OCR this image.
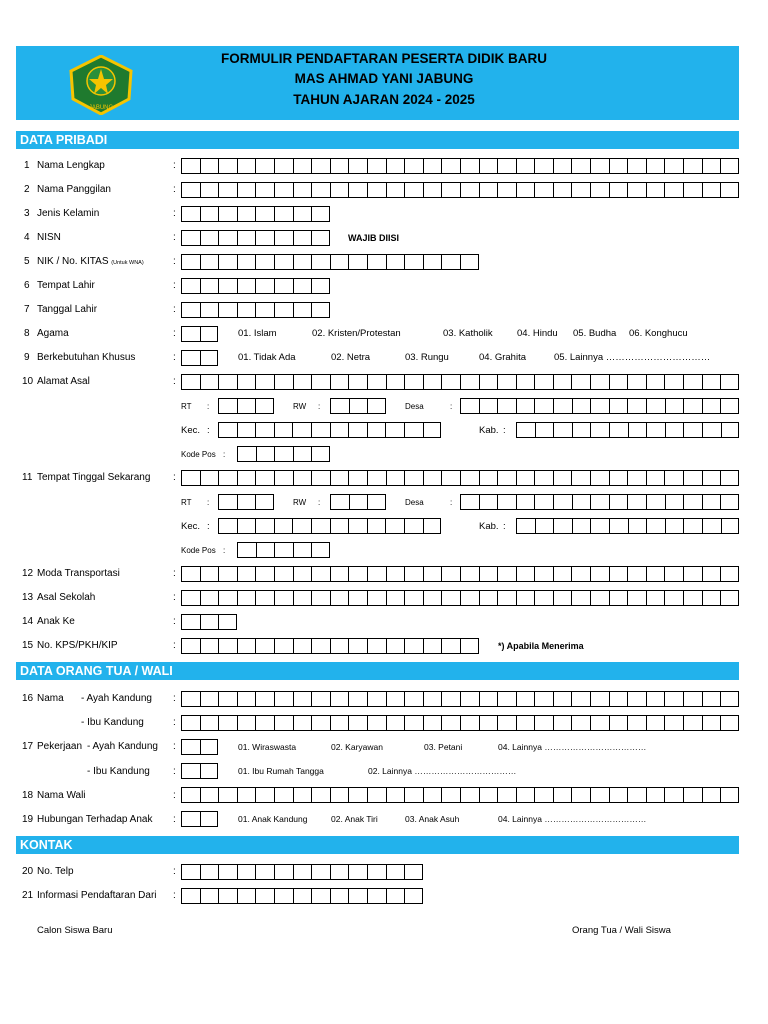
JABUNG
FORMULIR PENDAFTARAN PESERTA DIDIK BARU
MAS AHMAD YANI JABUNG
TAHUN AJARAN 2024 - 2025
DATA PRIBADI
1 Nama Lengkap	:
2 Nama Panggilan	:
3 Jenis Kelamin	:
4 NISN	:	WAJIB DIISI
5 NIK / No. KITAS (Untuk WNA)	:
6 Tempat Lahir	:
7 Tanggal Lahir	:
8 Agama	:	01. Islam	02. Kristen/Protestan	03. Katholik	04. Hindu 05. Budha 06. Konghucu
9 Berkebutuhan Khusus	:	01. Tidak Ada	02. Netra	03. Rungu	04. Grahita	05. Lainnya ……………………………
10 Alamat Asal	:
RT :	RW :	Desa	:
Kec. :	Kab. :
Kode Pos :
11 Tempat Tinggal Sekarang :
RT :	RW :	Desa	:
Kec. :	Kab. :
Kode Pos :
12 Moda Transportasi	:
13 Asal Sekolah	:
14 Anak Ke	:
15 No. KPS/PKH/KIP	:	*) Apabila Menerima
DATA ORANG TUA / WALI
16 Nama - Ayah Kandung :
- Ibu Kandung	:
17 Pekerjaan - Ayah Kandung :	01. Wiraswasta	02. Karyawan	03. Petani	04. Lainnya ………………………………
- Ibu Kandung :	01. Ibu Rumah Tangga	02. Lainnya ………………………………
18 Nama Wali	:
19 Hubungan Terhadap Anak :	01. Anak Kandung	02. Anak Tiri	03. Anak Asuh	04. Lainnya ………………………………
KONTAK
20 No. Telp	:
21 Informasi Pendaftaran Dari :
Calon Siswa Baru	Orang Tua / Wali Siswa
